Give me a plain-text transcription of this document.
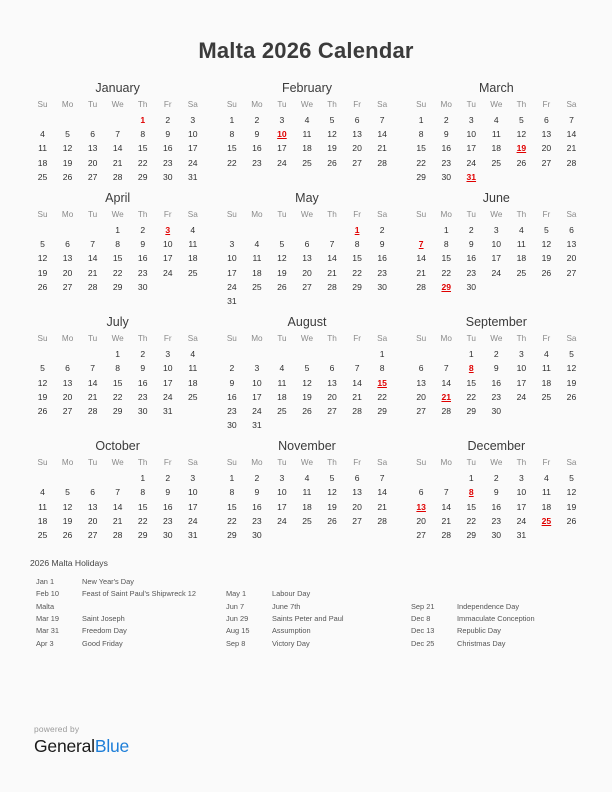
Malta 2026 Calendar
January
Su	Mo	Tu	We	Th	Fr	Sa
				1	2	3
4	5	6	7	8	9	10
11	12	13	14	15	16	17
18	19	20	21	22	23	24
25	26	27	28	29	30	31
February
Su	Mo	Tu	We	Th	Fr	Sa
1	2	3	4	5	6	7
8	9	10	11	12	13	14
15	16	17	18	19	20	21
22	23	24	25	26	27	28
March
Su	Mo	Tu	We	Th	Fr	Sa
1	2	3	4	5	6	7
8	9	10	11	12	13	14
15	16	17	18	19	20	21
22	23	24	25	26	27	28
29	30	31				
April
Su	Mo	Tu	We	Th	Fr	Sa
			1	2	3	4
5	6	7	8	9	10	11
12	13	14	15	16	17	18
19	20	21	22	23	24	25
26	27	28	29	30		
May
Su	Mo	Tu	We	Th	Fr	Sa
					1	2
3	4	5	6	7	8	9
10	11	12	13	14	15	16
17	18	19	20	21	22	23
24	25	26	27	28	29	30
31						
June
Su	Mo	Tu	We	Th	Fr	Sa
	1	2	3	4	5	6
7	8	9	10	11	12	13
14	15	16	17	18	19	20
21	22	23	24	25	26	27
28	29	30				
July
Su	Mo	Tu	We	Th	Fr	Sa
			1	2	3	4
5	6	7	8	9	10	11
12	13	14	15	16	17	18
19	20	21	22	23	24	25
26	27	28	29	30	31	
August
Su	Mo	Tu	We	Th	Fr	Sa
						1
2	3	4	5	6	7	8
9	10	11	12	13	14	15
16	17	18	19	20	21	22
23	24	25	26	27	28	29
30	31					
September
Su	Mo	Tu	We	Th	Fr	Sa
		1	2	3	4	5
6	7	8	9	10	11	12
13	14	15	16	17	18	19
20	21	22	23	24	25	26
27	28	29	30			
October
Su	Mo	Tu	We	Th	Fr	Sa
				1	2	3
4	5	6	7	8	9	10
11	12	13	14	15	16	17
18	19	20	21	22	23	24
25	26	27	28	29	30	31
November
Su	Mo	Tu	We	Th	Fr	Sa
1	2	3	4	5	6	7
8	9	10	11	12	13	14
15	16	17	18	19	20	21
22	23	24	25	26	27	28
29	30					
December
Su	Mo	Tu	We	Th	Fr	Sa
		1	2	3	4	5
6	7	8	9	10	11	12
13	14	15	16	17	18	19
20	21	22	23	24	25	26
27	28	29	30	31		
2026 Malta Holidays
Jan 1	New Year's Day
Feb 10	Feast of Saint Paul's Shipwreck 12
Malta
Mar 19	Saint Joseph
Mar 31	Freedom Day
Apr 3	Good Friday
May 1	Labour Day
Jun 7	June 7th
Jun 29	Saints Peter and Paul
Aug 15	Assumption
Sep 8	Victory Day
Sep 21	Independence Day
Dec 8	Immaculate Conception
Dec 13	Republic Day
Dec 25	Christmas Day
powered by
GeneralBlue
